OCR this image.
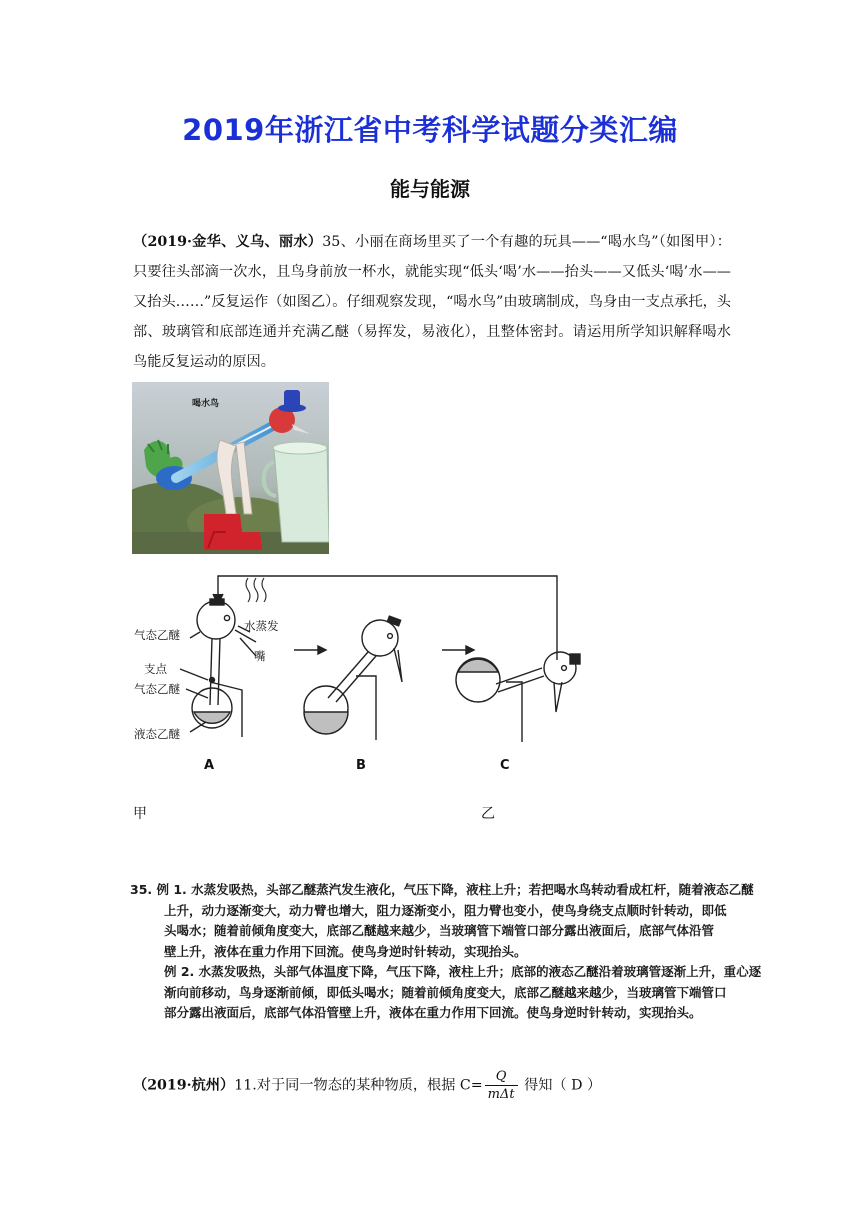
2019年浙江省中考科学试题分类汇编
能与能源
（2019·金华、义乌、丽水）35、小丽在商场里买了一个有趣的玩具——“喝水鸟”（如图甲）：只要往头部滴一次水，且鸟身前放一杯水，就能实现“低头‘喝’水——抬头——又低头‘喝’水——又抬头……”反复运作（如图乙）。仔细观察发现，“喝水鸟”由玻璃制成，鸟身由一支点承托，头部、玻璃管和底部连通并充满乙醚（易挥发，易液化），且整体密封。请运用所学知识解释喝水鸟能反复运动的原因。
喝水鸟
气态乙醚
水蒸发
嘴
支点
气态乙醚
液态乙醚
A	B	C
甲	乙
35. 例 1. 水蒸发吸热，头部乙醚蒸汽发生液化，气压下降，液柱上升；若把喝水鸟转动看成杠杆，随着液态乙醚
上升，动力逐渐变大，动力臂也增大，阻力逐渐变小，阻力臂也变小，使鸟身绕支点顺时针转动，即低
头喝水；随着前倾角度变大，底部乙醚越来越少，当玻璃管下端管口部分露出液面后，底部气体沿管
壁上升，液体在重力作用下回流。使鸟身逆时针转动，实现抬头。
例 2. 水蒸发吸热，头部气体温度下降，气压下降，液柱上升；底部的液态乙醚沿着玻璃管逐渐上升，重心逐
渐向前移动，鸟身逐渐前倾，即低头喝水；随着前倾角度变大，底部乙醚越来越少，当玻璃管下端管口
部分露出液面后，底部气体沿管壁上升，液体在重力作用下回流。使鸟身逆时针转动，实现抬头。
（2019·杭州）11.对于同一物态的某种物质，根据 $C= \frac{Q}{\text{mΔt}}$ 得知（ D ）
